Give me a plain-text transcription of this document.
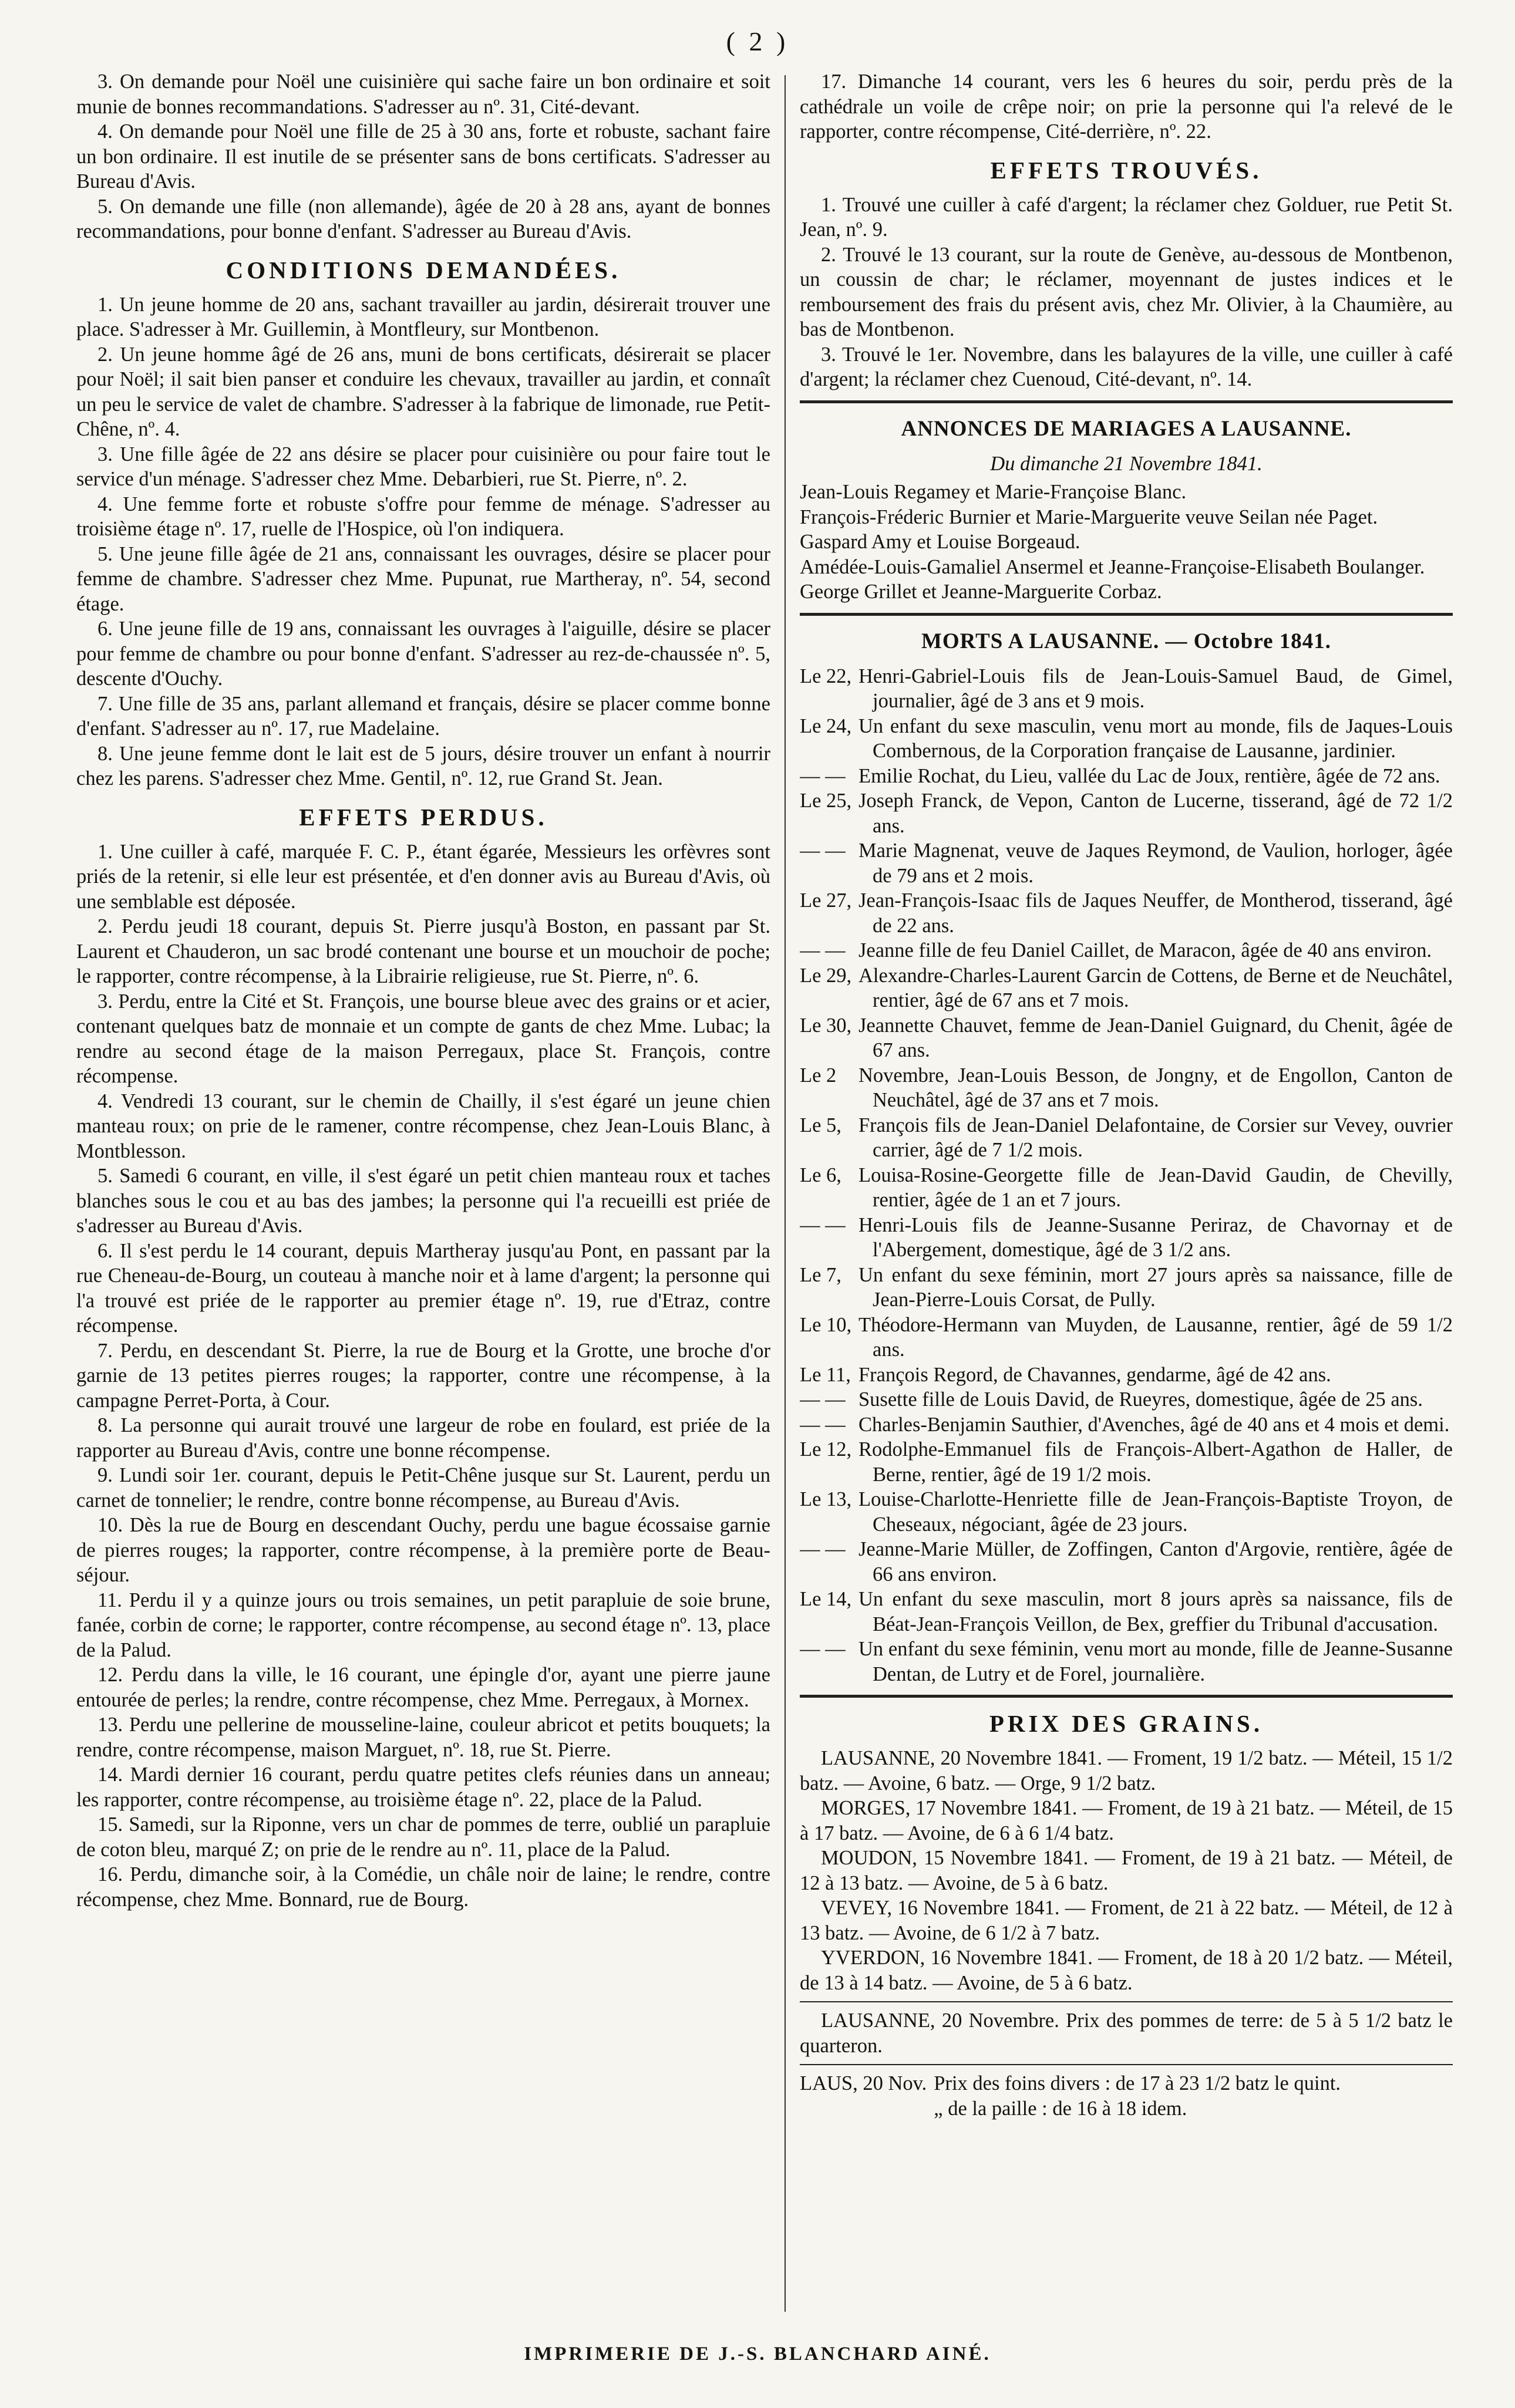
( 2 )

3. On demande pour Noël une cuisinière qui sache faire un bon ordinaire et soit munie de bonnes recommandations. S'adresser au nº. 31, Cité-devant.

4. On demande pour Noël une fille de 25 à 30 ans, forte et robuste, sachant faire un bon ordinaire. Il est inutile de se présenter sans de bons certificats. S'adresser au Bureau d'Avis.

5. On demande une fille (non allemande), âgée de 20 à 28 ans, ayant de bonnes recommandations, pour bonne d'enfant. S'adresser au Bureau d'Avis.

CONDITIONS DEMANDÉES.

1. Un jeune homme de 20 ans, sachant travailler au jardin, désirerait trouver une place. S'adresser à Mr. Guillemin, à Montfleury, sur Montbenon.

2. Un jeune homme âgé de 26 ans, muni de bons certificats, désirerait se placer pour Noël; il sait bien panser et conduire les chevaux, travailler au jardin, et connaît un peu le service de valet de chambre. S'adresser à la fabrique de limonade, rue Petit-Chêne, nº. 4.

3. Une fille âgée de 22 ans désire se placer pour cuisinière ou pour faire tout le service d'un ménage. S'adresser chez Mme. Debarbieri, rue St. Pierre, nº. 2.

4. Une femme forte et robuste s'offre pour femme de ménage. S'adresser au troisième étage nº. 17, ruelle de l'Hospice, où l'on indiquera.

5. Une jeune fille âgée de 21 ans, connaissant les ouvrages, désire se placer pour femme de chambre. S'adresser chez Mme. Pupunat, rue Martheray, nº. 54, second étage.

6. Une jeune fille de 19 ans, connaissant les ouvrages à l'aiguille, désire se placer pour femme de chambre ou pour bonne d'enfant. S'adresser au rez-de-chaussée nº. 5, descente d'Ouchy.

7. Une fille de 35 ans, parlant allemand et français, désire se placer comme bonne d'enfant. S'adresser au nº. 17, rue Madelaine.

8. Une jeune femme dont le lait est de 5 jours, désire trouver un enfant à nourrir chez les parens. S'adresser chez Mme. Gentil, nº. 12, rue Grand St. Jean.

EFFETS PERDUS.

1. Une cuiller à café, marquée F. C. P., étant égarée, Messieurs les orfèvres sont priés de la retenir, si elle leur est présentée, et d'en donner avis au Bureau d'Avis, où une semblable est déposée.

2. Perdu jeudi 18 courant, depuis St. Pierre jusqu'à Boston, en passant par St. Laurent et Chauderon, un sac brodé contenant une bourse et un mouchoir de poche; le rapporter, contre récompense, à la Librairie religieuse, rue St. Pierre, nº. 6.

3. Perdu, entre la Cité et St. François, une bourse bleue avec des grains or et acier, contenant quelques batz de monnaie et un compte de gants de chez Mme. Lubac; la rendre au second étage de la maison Perregaux, place St. François, contre récompense.

4. Vendredi 13 courant, sur le chemin de Chailly, il s'est égaré un jeune chien manteau roux; on prie de le ramener, contre récompense, chez Jean-Louis Blanc, à Montblesson.

5. Samedi 6 courant, en ville, il s'est égaré un petit chien manteau roux et taches blanches sous le cou et au bas des jambes; la personne qui l'a recueilli est priée de s'adresser au Bureau d'Avis.

6. Il s'est perdu le 14 courant, depuis Martheray jusqu'au Pont, en passant par la rue Cheneau-de-Bourg, un couteau à manche noir et à lame d'argent; la personne qui l'a trouvé est priée de le rapporter au premier étage nº. 19, rue d'Etraz, contre récompense.

7. Perdu, en descendant St. Pierre, la rue de Bourg et la Grotte, une broche d'or garnie de 13 petites pierres rouges; la rapporter, contre une récompense, à la campagne Perret-Porta, à Cour.

8. La personne qui aurait trouvé une largeur de robe en foulard, est priée de la rapporter au Bureau d'Avis, contre une bonne récompense.

9. Lundi soir 1er. courant, depuis le Petit-Chêne jusque sur St. Laurent, perdu un carnet de tonnelier; le rendre, contre bonne récompense, au Bureau d'Avis.

10. Dès la rue de Bourg en descendant Ouchy, perdu une bague écossaise garnie de pierres rouges; la rapporter, contre récompense, à la première porte de Beau-séjour.

11. Perdu il y a quinze jours ou trois semaines, un petit parapluie de soie brune, fanée, corbin de corne; le rapporter, contre récompense, au second étage nº. 13, place de la Palud.

12. Perdu dans la ville, le 16 courant, une épingle d'or, ayant une pierre jaune entourée de perles; la rendre, contre récompense, chez Mme. Perregaux, à Mornex.

13. Perdu une pellerine de mousseline-laine, couleur abricot et petits bouquets; la rendre, contre récompense, maison Marguet, nº. 18, rue St. Pierre.

14. Mardi dernier 16 courant, perdu quatre petites clefs réunies dans un anneau; les rapporter, contre récompense, au troisième étage nº. 22, place de la Palud.

15. Samedi, sur la Riponne, vers un char de pommes de terre, oublié un parapluie de coton bleu, marqué Z; on prie de le rendre au nº. 11, place de la Palud.

16. Perdu, dimanche soir, à la Comédie, un châle noir de laine; le rendre, contre récompense, chez Mme. Bonnard, rue de Bourg.

17. Dimanche 14 courant, vers les 6 heures du soir, perdu près de la cathédrale un voile de crêpe noir; on prie la personne qui l'a relevé de le rapporter, contre récompense, Cité-derrière, nº. 22.

EFFETS TROUVÉS.

1. Trouvé une cuiller à café d'argent; la réclamer chez Golduer, rue Petit St. Jean, nº. 9.

2. Trouvé le 13 courant, sur la route de Genève, au-dessous de Montbenon, un coussin de char; le réclamer, moyennant de justes indices et le remboursement des frais du présent avis, chez Mr. Olivier, à la Chaumière, au bas de Montbenon.

3. Trouvé le 1er. Novembre, dans les balayures de la ville, une cuiller à café d'argent; la réclamer chez Cuenoud, Cité-devant, nº. 14.

ANNONCES DE MARIAGES A LAUSANNE.

Du dimanche 21 Novembre 1841.

Jean-Louis Regamey et Marie-Françoise Blanc.

François-Fréderic Burnier et Marie-Marguerite veuve Seilan née Paget.

Gaspard Amy et Louise Borgeaud.

Amédée-Louis-Gamaliel Ansermel et Jeanne-Françoise-Elisabeth Boulanger.

George Grillet et Jeanne-Marguerite Corbaz.

MORTS A LAUSANNE. — Octobre 1841.
Le 22, Henri-Gabriel-Louis fils de Jean-Louis-Samuel Baud, de Gimel, journalier, âgé de 3 ans et 9 mois.
Le 24, Un enfant du sexe masculin, venu mort au monde, fils de Jaques-Louis Combernous, de la Corporation française de Lausanne, jardinier.
— — Emilie Rochat, du Lieu, vallée du Lac de Joux, rentière, âgée de 72 ans.
Le 25, Joseph Franck, de Vepon, Canton de Lucerne, tisserand, âgé de 72 1/2 ans.
— — Marie Magnenat, veuve de Jaques Reymond, de Vaulion, horloger, âgée de 79 ans et 2 mois.
Le 27, Jean-François-Isaac fils de Jaques Neuffer, de Montherod, tisserand, âgé de 22 ans.
— — Jeanne fille de feu Daniel Caillet, de Maracon, âgée de 40 ans environ.
Le 29, Alexandre-Charles-Laurent Garcin de Cottens, de Berne et de Neuchâtel, rentier, âgé de 67 ans et 7 mois.
Le 30, Jeannette Chauvet, femme de Jean-Daniel Guignard, du Chenit, âgée de 67 ans.
Le 2	Novembre, Jean-Louis Besson, de Jongny, et de Engollon, Canton de Neuchâtel, âgé de 37 ans et 7 mois.
Le 5, François fils de Jean-Daniel Delafontaine, de Corsier sur Vevey, ouvrier carrier, âgé de 7 1/2 mois.
Le 6, Louisa-Rosine-Georgette fille de Jean-David Gaudin, de Chevilly, rentier, âgée de 1 an et 7 jours.
— — Henri-Louis fils de Jeanne-Susanne Periraz, de Chavornay et de l'Abergement, domestique, âgé de 3 1/2 ans.
Le 7, Un enfant du sexe féminin, mort 27 jours après sa naissance, fille de Jean-Pierre-Louis Corsat, de Pully.
Le 10, Théodore-Hermann van Muyden, de Lausanne, rentier, âgé de 59 1/2 ans.
Le 11, François Regord, de Chavannes, gendarme, âgé de 42 ans.
— — Susette fille de Louis David, de Rueyres, domestique, âgée de 25 ans.
— — Charles-Benjamin Sauthier, d'Avenches, âgé de 40 ans et 4 mois et demi.
Le 12, Rodolphe-Emmanuel fils de François-Albert-Agathon de Haller, de Berne, rentier, âgé de 19 1/2 mois.
Le 13, Louise-Charlotte-Henriette fille de Jean-François-Baptiste Troyon, de Cheseaux, négociant, âgée de 23 jours.
— — Jeanne-Marie Müller, de Zoffingen, Canton d'Argovie, rentière, âgée de 66 ans environ.
Le 14, Un enfant du sexe masculin, mort 8 jours après sa naissance, fils de Béat-Jean-François Veillon, de Bex, greffier du Tribunal d'accusation.
— — Un enfant du sexe féminin, venu mort au monde, fille de Jeanne-Susanne Dentan, de Lutry et de Forel, journalière.
PRIX DES GRAINS.

LAUSANNE, 20 Novembre 1841. — Froment, 19 1/2 batz. — Méteil, 15 1/2 batz. — Avoine, 6 batz. — Orge, 9 1/2 batz.

MORGES, 17 Novembre 1841. — Froment, de 19 à 21 batz. — Méteil, de 15 à 17 batz. — Avoine, de 6 à 6 1/4 batz.

MOUDON, 15 Novembre 1841. — Froment, de 19 à 21 batz. — Méteil, de 12 à 13 batz. — Avoine, de 5 à 6 batz.

VEVEY, 16 Novembre 1841. — Froment, de 21 à 22 batz. — Méteil, de 12 à 13 batz. — Avoine, de 6 1/2 à 7 batz.

YVERDON, 16 Novembre 1841. — Froment, de 18 à 20 1/2 batz. — Méteil, de 13 à 14 batz. — Avoine, de 5 à 6 batz.

LAUSANNE, 20 Novembre. Prix des pommes de terre: de 5 à 5 1/2 batz le quarteron.

LAUS, 20 Nov. Prix des foins divers : de 17 à 23 1/2 batz le quint.
„ de la paille : de 16 à 18 idem.
IMPRIMERIE DE J.-S. BLANCHARD AINÉ.
